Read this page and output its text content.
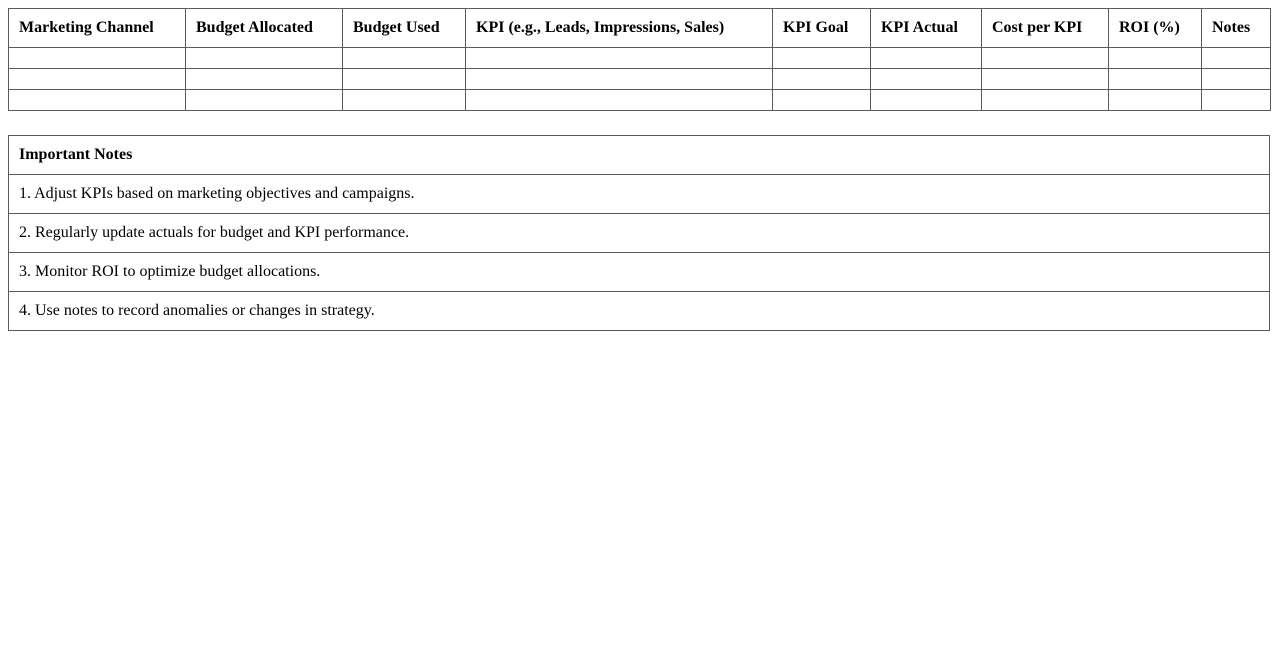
Marketing Channel	Budget Allocated	Budget Used	KPI (e.g., Leads, Impressions, Sales)	KPI Goal	KPI Actual	Cost per KPI	ROI (%)	Notes

Important Notes
1. Adjust KPIs based on marketing objectives and campaigns.
2. Regularly update actuals for budget and KPI performance.
3. Monitor ROI to optimize budget allocations.
4. Use notes to record anomalies or changes in strategy.
